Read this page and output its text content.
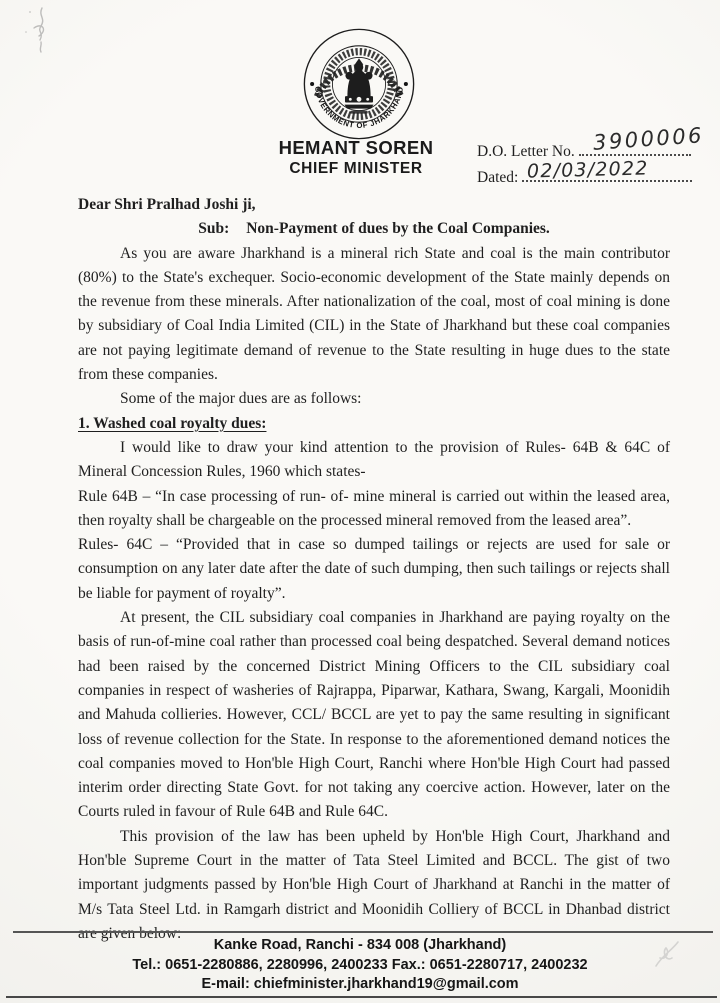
GOVERNMENT OF JHARKHAND
HEMANT SOREN
CHIEF MINISTER
D.O. Letter No. 3900006
Dated: 02/03/2022

Dear Shri Pralhad Joshi ji,

Sub: Non-Payment of dues by the Coal Companies.

As you are aware Jharkhand is a mineral rich State and coal is the main contributor (80%) to the State's exchequer. Socio-economic development of the State mainly depends on the revenue from these minerals. After nationalization of the coal, most of coal mining is done by subsidiary of Coal India Limited (CIL) in the State of Jharkhand but these coal companies are not paying legitimate demand of revenue to the State resulting in huge dues to the state from these companies.

Some of the major dues are as follows:

1. Washed coal royalty dues:

I would like to draw your kind attention to the provision of Rules- 64B & 64C of Mineral Concession Rules, 1960 which states-

Rule 64B – “In case processing of run- of- mine mineral is carried out within the leased area, then royalty shall be chargeable on the processed mineral removed from the leased area”.

Rules- 64C – “Provided that in case so dumped tailings or rejects are used for sale or consumption on any later date after the date of such dumping, then such tailings or rejects shall be liable for payment of royalty”.

At present, the CIL subsidiary coal companies in Jharkhand are paying royalty on the basis of run-of-mine coal rather than processed coal being despatched. Several demand notices had been raised by the concerned District Mining Officers to the CIL subsidiary coal companies in respect of washeries of Rajrappa, Piparwar, Kathara, Swang, Kargali, Moonidih and Mahuda collieries. However, CCL/ BCCL are yet to pay the same resulting in significant loss of revenue collection for the State. In response to the aforementioned demand notices the coal companies moved to Hon'ble High Court, Ranchi where Hon'ble High Court had passed interim order directing State Govt. for not taking any coercive action. However, later on the Courts ruled in favour of Rule 64B and Rule 64C.

This provision of the law has been upheld by Hon'ble High Court, Jharkhand and Hon'ble Supreme Court in the matter of Tata Steel Limited and BCCL. The gist of two important judgments passed by Hon'ble High Court of Jharkhand at Ranchi in the matter of M/s Tata Steel Ltd. in Ramgarh district and Moonidih Colliery of BCCL in Dhanbad district are given below:

Kanke Road, Ranchi - 834 008 (Jharkhand)
Tel.: 0651-2280886, 2280996, 2400233 Fax.: 0651-2280717, 2400232
E-mail: chiefminister.jharkhand19@gmail.com
